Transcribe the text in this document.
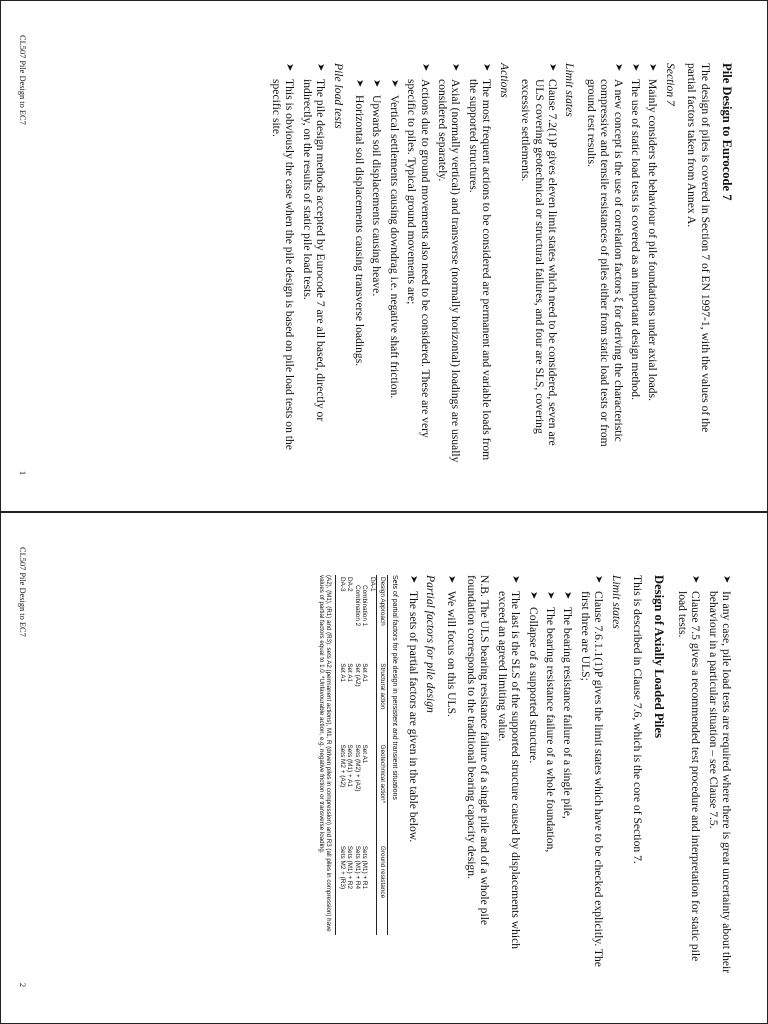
Pile Design to Eurocode 7

The design of piles is covered in Section 7 of EN 1997-1, with the values of the partial factors taken from Annex A.

Section 7
➤ Mainly considers the behaviour of pile foundations under axial loads.
➤ The use of static load tests is covered as an important design method.
➤ A new concept is the use of correlation factors ξ for deriving the characteristic compressive and tensile resistances of piles either from static load tests or from ground test results.
Limit states
➤ Clause 7.2(1)P gives eleven limit states which need to be considered, seven are ULS covering geotechnical or structural failures, and four are SLS, covering excessive settlements.
Actions
➤ The most frequent actions to be considered are permanent and variable loads from the supported structures.
➤ Axial (normally vertical) and transverse (normally horizontal) loadings are usually considered separately.
➤ Actions due to ground movements also need to be considered. These are very specific to piles. Typical ground movements are;
➤ Vertical settlements causing downdrag i.e. negative shaft friction.
➤ Upwards soil displacements causing heave.
➤ Horizontal soil displacements causing transverse loadings.
Pile load tests
➤ The pile design methods accepted by Eurocode 7 are all based, directly or indirectly, on the results of static pile load tests.
➤ This is obviously the case when the pile design is based on pile load tests on the specific site.
CL507 Pile Design to EC7
1
➤ In any case, pile load tests are required where there is great uncertainty about their behaviour in a particular situation – see Clause 7.5.
➤ Clause 7.5 gives a recommended test procedure and interpretation for static pile load tests.
Design of Axially Loaded Piles

This is described in Clause 7.6, which is the core of Section 7.

Limit states
➤ Clause 7.6.1.1(1)P gives the limit states which have to be checked explicitly. The first three are ULS;
➤ The bearing resistance failure of a single pile,
➤ The bearing resistance failure of a whole foundation,
➤ Collapse of a supported structure.
➤ The last is the SLS of the supported structure caused by displacements which exceed an agreed limiting value.

N.B. The ULS bearing resistance failure of a single pile and of a whole pile foundation corresponds to the traditional bearing capacity design.

➤ We will focus on this ULS.
Partial factors for pile design
➤ The sets of partial factors are given in the table below.
Sets of partial factors for pile design in persistent and transient situations
Design Approach	Structural action	Geotechnical action*	Ground resistance
DA-1			
Combination 1	Set A1	Set A1	Sets (M1) + R1
Combination 2	Set (A2)	Sets (M2) + (A2)	Sets (M1) + R4
DA-2	Set A1	Sets (M1) + A1	Sets (M1) + R2
DA-3	Set A1	Sets M2 + (A2)	Sets M2 + (R3)
(A2), (M1), (R1) and (R3): sets A2 (permanent actions), M1, R (driven piles in compression) and R3 (all piles in compression) have values of partial factors equal to 1.0. *Unfavourable action, e.g. negative friction or transverse loading.
CL507 Pile Design to EC7
2
